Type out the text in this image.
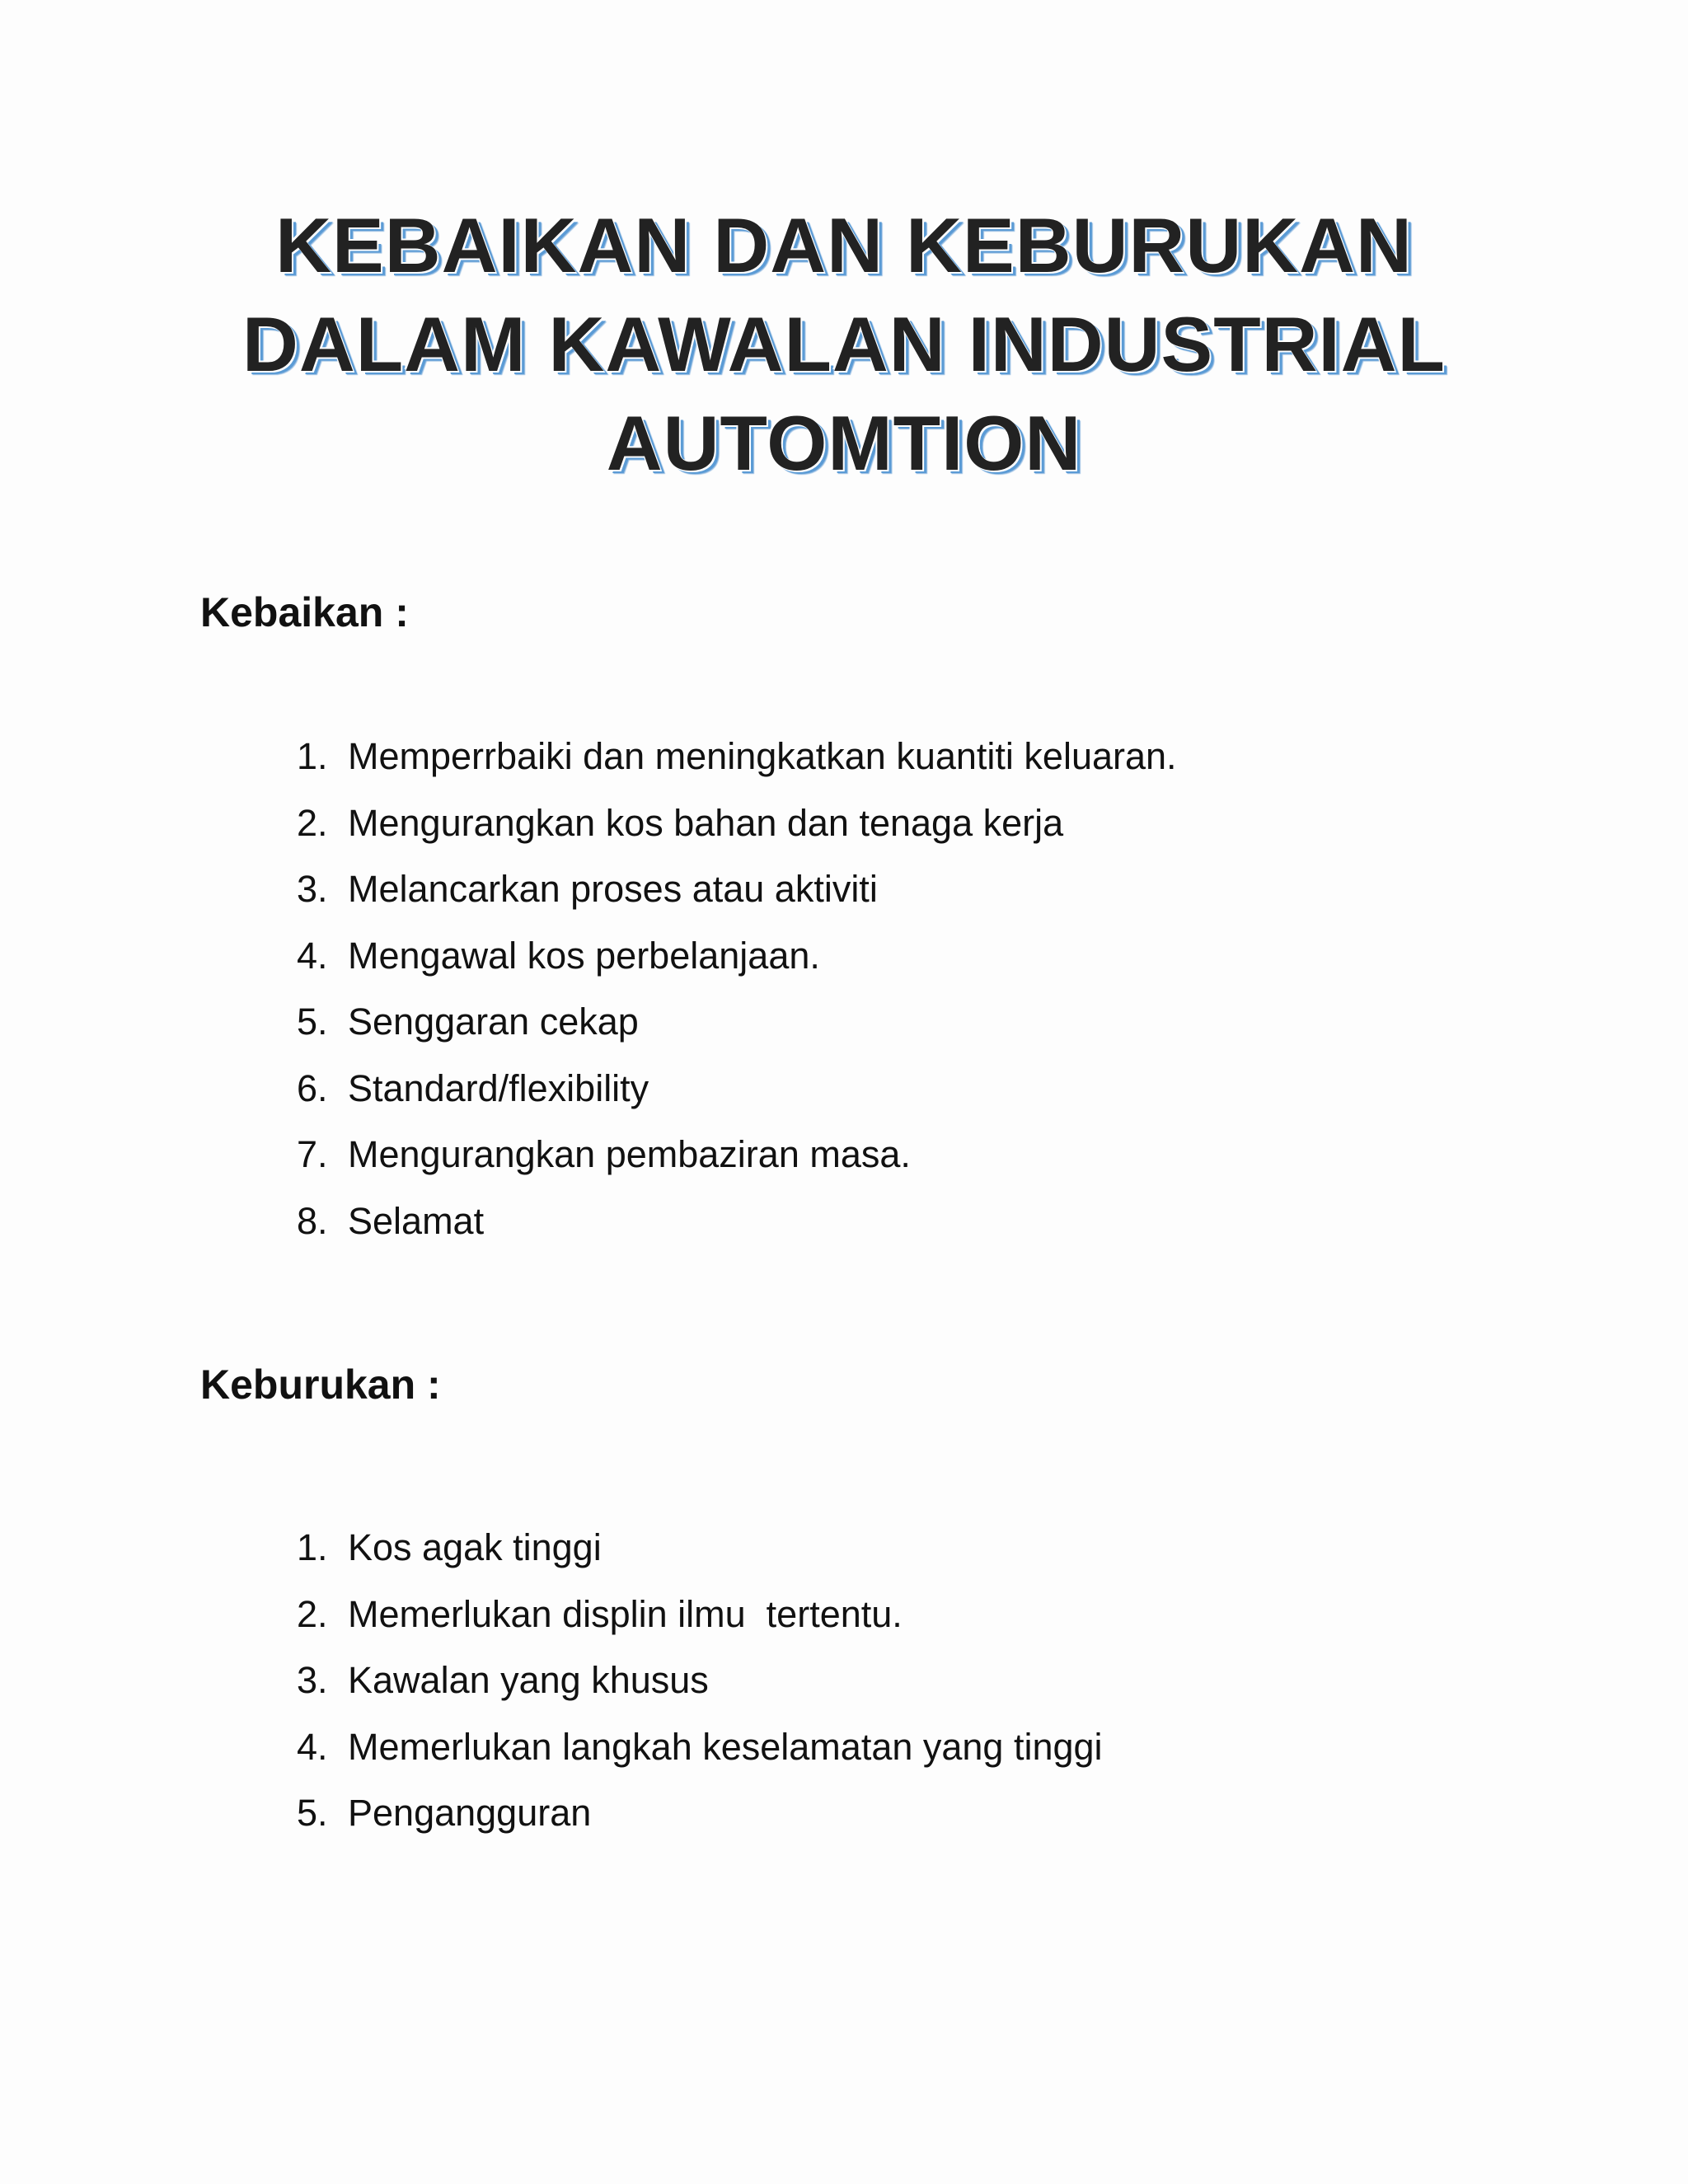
KEBAIKAN DAN KEBURUKAN
DALAM KAWALAN INDUSTRIAL
AUTOMTION
Kebaikan :
1. Memperrbaiki dan meningkatkan kuantiti keluaran.
2. Mengurangkan kos bahan dan tenaga kerja
3. Melancarkan proses atau aktiviti
4. Mengawal kos perbelanjaan.
5. Senggaran cekap
6. Standard/flexibility
7. Mengurangkan pembaziran masa.
8. Selamat
Keburukan :
1. Kos agak tinggi
2. Memerlukan displin ilmu  tertentu.
3. Kawalan yang khusus
4. Memerlukan langkah keselamatan yang tinggi
5. Pengangguran
